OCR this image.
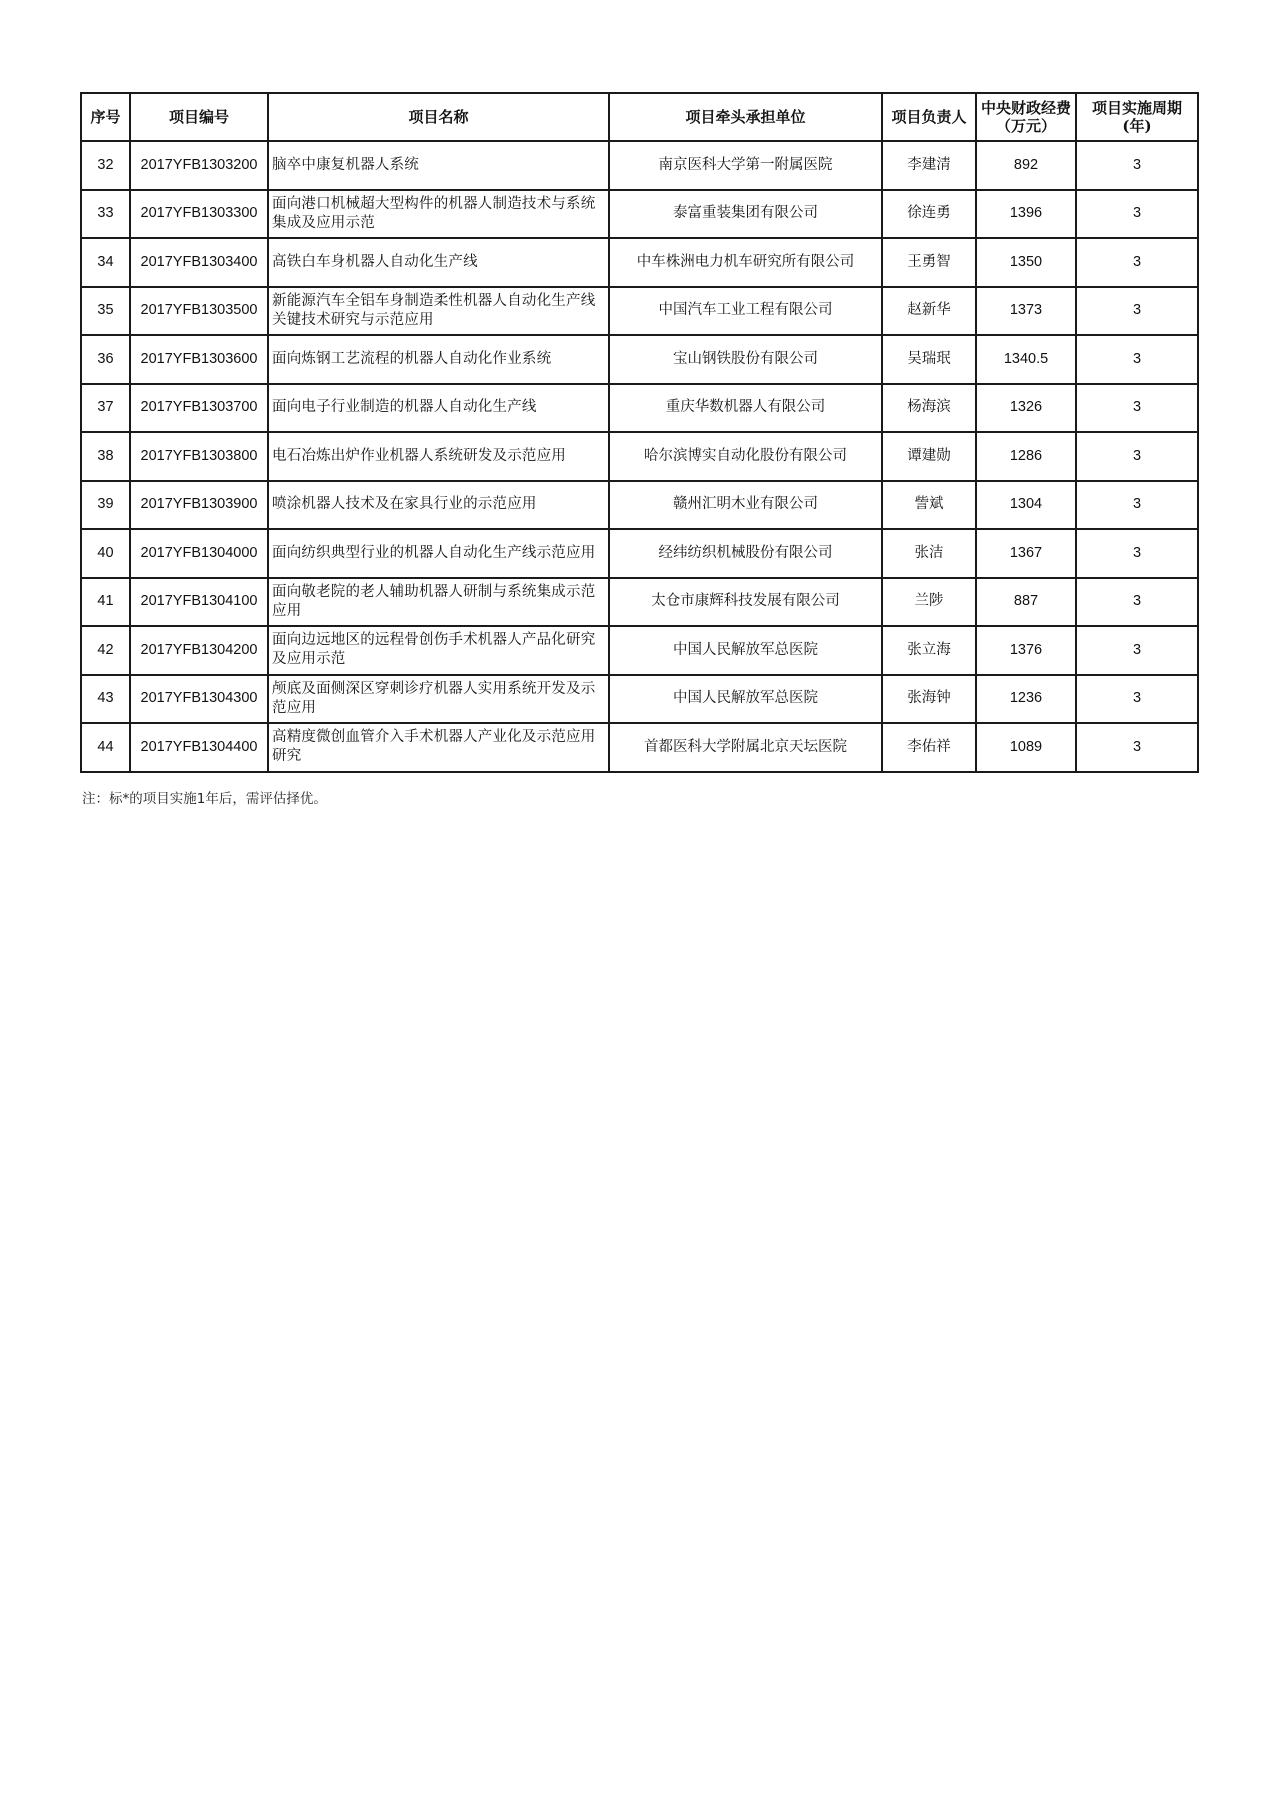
序号	项目编号	项目名称	项目牵头承担单位	项目负责人	中央财政经费（万元）	项目实施周期(年)
32	2017YFB1303200	脑卒中康复机器人系统	南京医科大学第一附属医院	李建清	892	3
33	2017YFB1303300	面向港口机械超大型构件的机器人制造技术与系统集成及应用示范	泰富重装集团有限公司	徐连勇	1396	3
34	2017YFB1303400	高铁白车身机器人自动化生产线	中车株洲电力机车研究所有限公司	王勇智	1350	3
35	2017YFB1303500	新能源汽车全铝车身制造柔性机器人自动化生产线关键技术研究与示范应用	中国汽车工业工程有限公司	赵新华	1373	3
36	2017YFB1303600	面向炼钢工艺流程的机器人自动化作业系统	宝山钢铁股份有限公司	吴瑞珉	1340.5	3
37	2017YFB1303700	面向电子行业制造的机器人自动化生产线	重庆华数机器人有限公司	杨海滨	1326	3
38	2017YFB1303800	电石冶炼出炉作业机器人系统研发及示范应用	哈尔滨博实自动化股份有限公司	谭建勋	1286	3
39	2017YFB1303900	喷涂机器人技术及在家具行业的示范应用	赣州汇明木业有限公司	訾斌	1304	3
40	2017YFB1304000	面向纺织典型行业的机器人自动化生产线示范应用	经纬纺织机械股份有限公司	张洁	1367	3
41	2017YFB1304100	面向敬老院的老人辅助机器人研制与系统集成示范应用	太仓市康辉科技发展有限公司	兰陟	887	3
42	2017YFB1304200	面向边远地区的远程骨创伤手术机器人产品化研究及应用示范	中国人民解放军总医院	张立海	1376	3
43	2017YFB1304300	颅底及面侧深区穿刺诊疗机器人实用系统开发及示范应用	中国人民解放军总医院	张海钟	1236	3
44	2017YFB1304400	高精度微创血管介入手术机器人产业化及示范应用研究	首都医科大学附属北京天坛医院	李佑祥	1089	3
注：标*的项目实施1年后，需评估择优。
